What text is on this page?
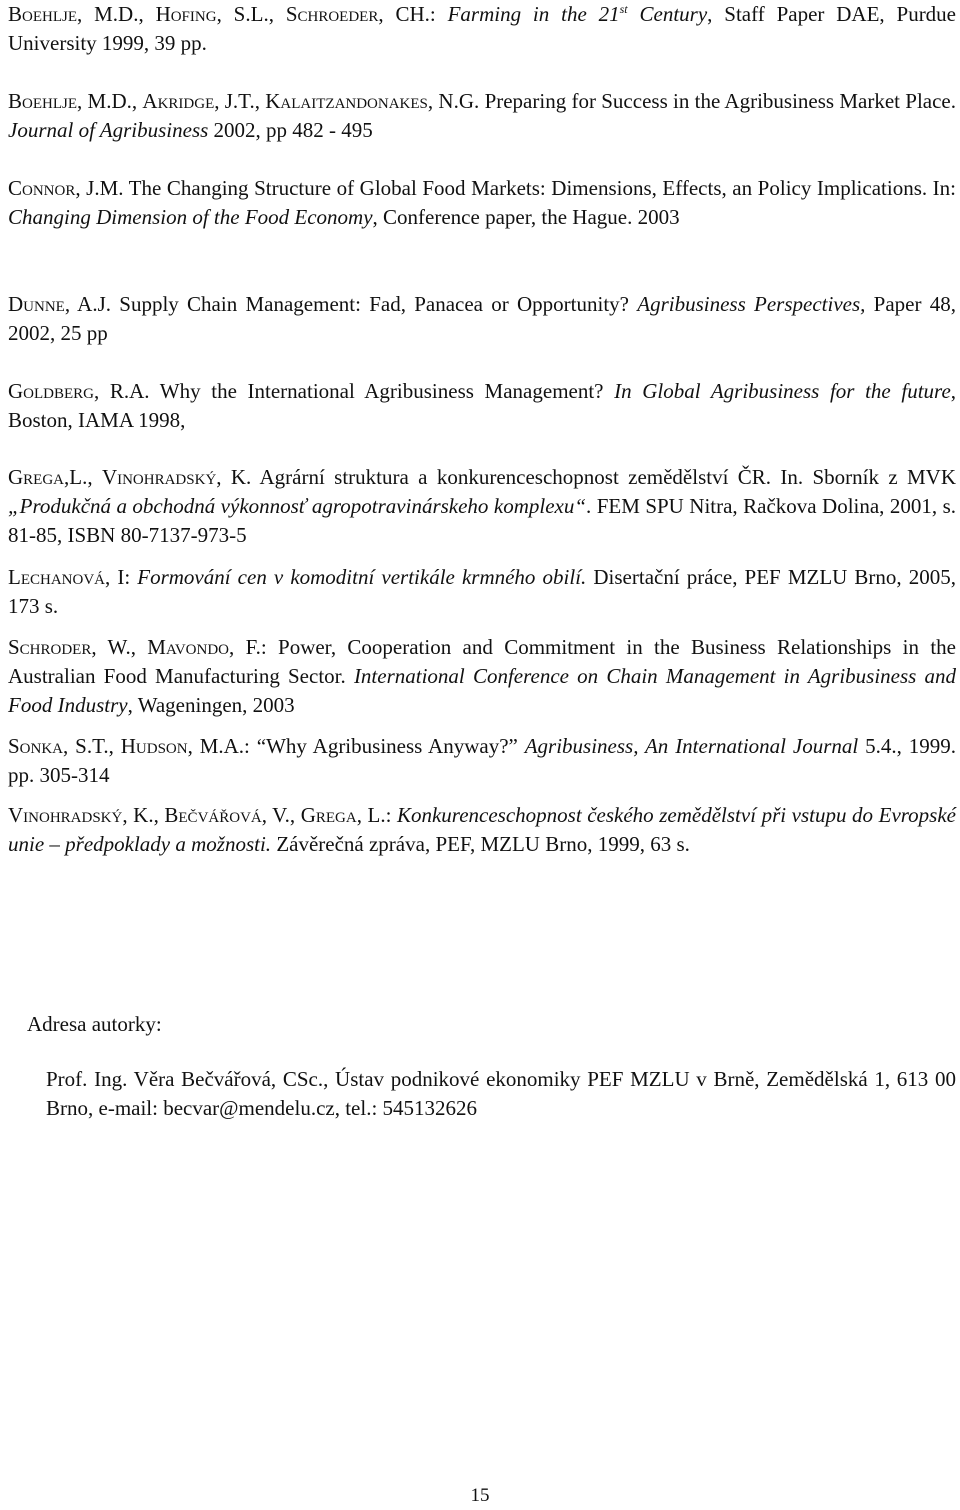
Boehlje, M.D., Hofing, S.L., Schroeder, CH.: Farming in the 21st Century, Staff Paper DAE, Purdue University 1999, 39 pp.
Boehlje, M.D., Akridge, J.T., Kalaitzandonakes, N.G. Preparing for Success in the Agribusiness Market Place. Journal of Agribusiness 2002, pp 482 - 495
Connor, J.M. The Changing Structure of Global Food Markets: Dimensions, Effects, an Policy Implications. In: Changing Dimension of the Food Economy, Conference paper, the Hague. 2003
Dunne, A.J. Supply Chain Management: Fad, Panacea or Opportunity? Agribusiness Perspectives, Paper 48, 2002, 25 pp
Goldberg, R.A. Why the International Agribusiness Management? In Global Agribusiness for the future, Boston, IAMA 1998,
Grega,L., Vinohradský, K. Agrární struktura a konkurenceschopnost zemědělství ČR. In. Sborník z MVK „Produkčná a obchodná výkonnosť agropotravinárskeho komplexu“. FEM SPU Nitra, Račkova Dolina, 2001, s. 81-85, ISBN 80-7137-973-5
Lechanová, I: Formování cen v komoditní vertikále krmného obilí. Disertační práce, PEF MZLU Brno, 2005, 173 s.
Schroder, W., Mavondo, F.: Power, Cooperation and Commitment in the Business Relationships in the Australian Food Manufacturing Sector. International Conference on Chain Management in Agribusiness and Food Industry, Wageningen, 2003
Sonka, S.T., Hudson, M.A.: “Why Agribusiness Anyway?” Agribusiness, An International Journal 5.4., 1999. pp. 305-314
Vinohradský, K., Bečvářová, V., Grega, L.: Konkurenceschopnost českého zemědělství při vstupu do Evropské unie – předpoklady a možnosti. Závěrečná zpráva, PEF, MZLU Brno, 1999, 63 s.
Adresa autorky:
Prof. Ing. Věra Bečvářová, CSc., Ústav podnikové ekonomiky PEF MZLU v Brně, Zemědělská 1, 613 00 Brno, e-mail: becvar@mendelu.cz, tel.: 545132626
15
